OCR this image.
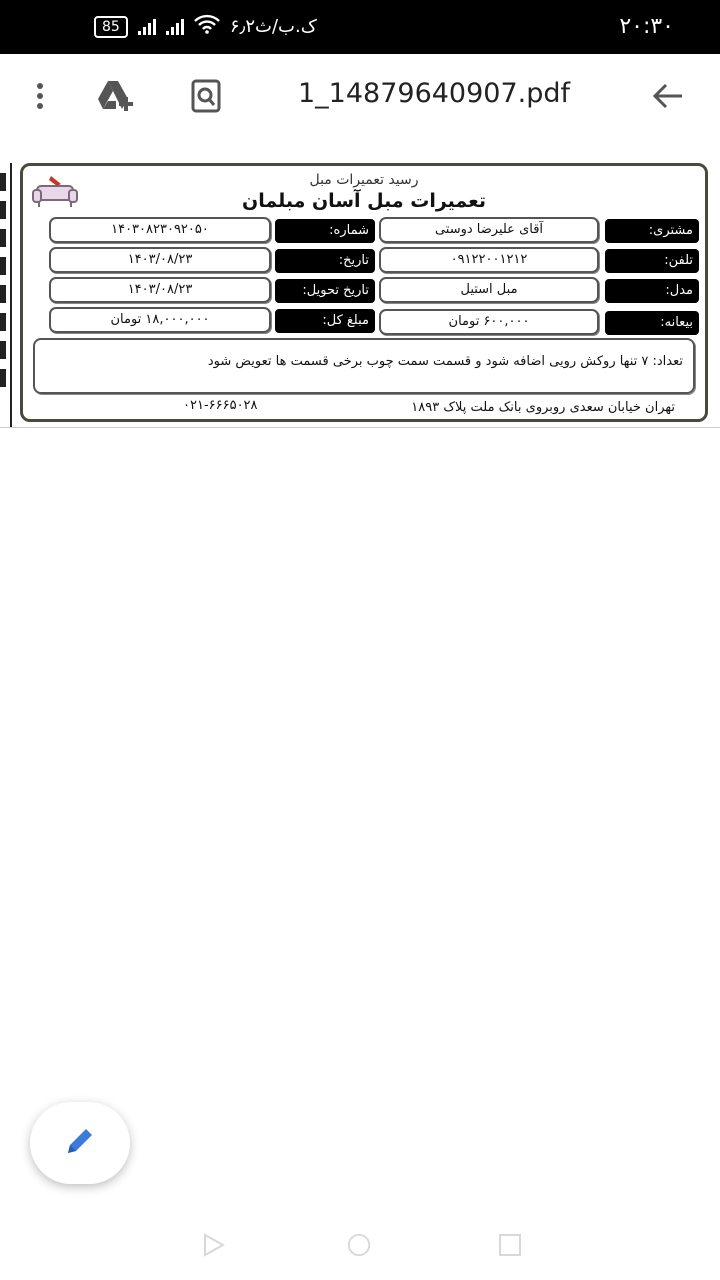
85	۶٫۲ک.ب/ث	۲۰:۳۰
1_14879640907.pdf
رسید تعمیرات مبل
تعمیرات مبل آسان مبلمان
مشتری:
آقای علیرضا دوستی
تلفن:
۰۹۱۲۲۰۰۱۲۱۲
مدل:
مبل استیل
بیعانه:
۶۰۰,۰۰۰ تومان
شماره:
۱۴۰۳۰۸۲۳۰۹۲۰۵۰
تاریخ:
۱۴۰۳/۰۸/۲۳
تاریخ تحویل:
۱۴۰۳/۰۸/۲۳
مبلغ کل:
۱۸,۰۰۰,۰۰۰ تومان
تعداد: ۷ تنها روکش رویی اضافه شود و قسمت سمت چوب برخی قسمت ها تعویض شود
تهران خیابان سعدی روبروی بانک ملت پلاک ۱۸۹۳
۰۲۱-۶۶۶۵۰۲۸
